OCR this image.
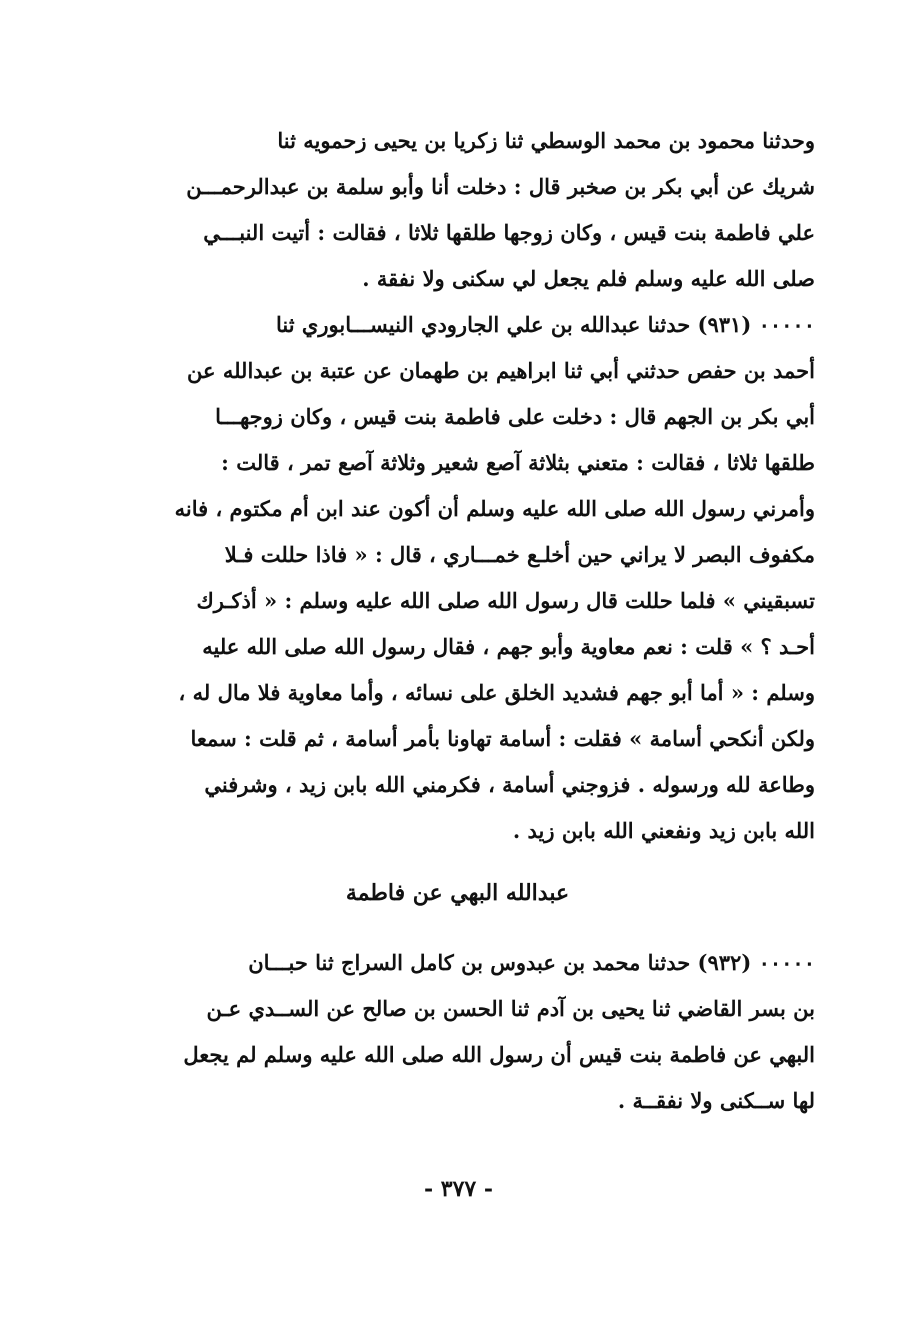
وحدثنا محمود بن محمد الوسطي ثنا زكريا بن يحيى زحمويه ثنا
شريك عن أبي بكر بن صخبر قال : دخلت أنا وأبو سلمة بن عبدالرحمـــن
علي فاطمة بنت قيس ، وكان زوجها طلقها ثلاثا ، فقالت : أتيت النبـــي
صلى الله عليه وسلم فلم يجعل لي سكنى ولا نفقة .
٠٠٠٠٠ (٩٣١) حدثنا عبدالله بن علي الجارودي النيســـابوري ثنا
أحمد بن حفص حدثني أبي ثنا ابراهيم بن طهمان عن عتبة بن عبدالله عن
أبي بكر بن الجهم قال : دخلت على فاطمة بنت قيس ، وكان زوجهـــا
طلقها ثلاثا ، فقالت : متعني بثلاثة آصع شعير وثلاثة آصع تمر ، قالت :
وأمرني رسول الله صلى الله عليه وسلم أن أكون عند ابن أم مكتوم ، فانه
مكفوف البصر لا يراني حين أخلـع خمـــاري ، قال : « فاذا حللت فـلا
تسبقيني » فلما حللت قال رسول الله صلى الله عليه وسلم : « أذكـرك
أحـد ؟ » قلت : نعم معاوية وأبو جهم ، فقال رسول الله صلى الله عليه
وسلم : « أما أبو جهم فشديد الخلق على نسائه ، وأما معاوية فلا مال له ،
ولكن أنكحي أسامة » فقلت : أسامة تهاونا بأمر أسامة ، ثم قلت : سمعا
وطاعة لله ورسوله . فزوجني أسامة ، فكرمني الله بابن زيد ، وشرفني
الله بابن زيد ونفعني الله بابن زيد .
عبدالله البهي عن فاطمة
٠٠٠٠٠ (٩٣٢) حدثنا محمد بن عبدوس بن كامل السراج ثنا حبـــان
بن بسر القاضي ثنا يحيى بن آدم ثنا الحسن بن صالح عن الســدي عـن
البهي عن فاطمة بنت قيس أن رسول الله صلى الله عليه وسلم لم يجعل
لها ســكنى ولا نفقــة .
- ٣٧٧ -
